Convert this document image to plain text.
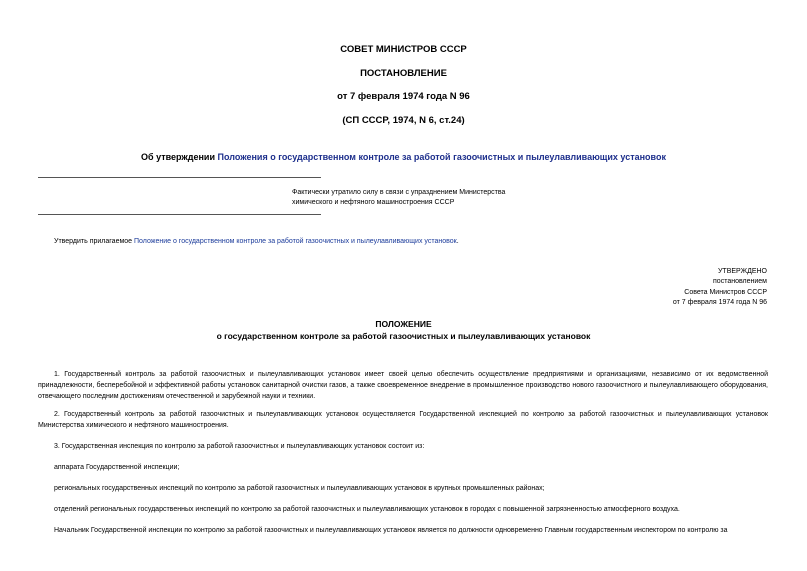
СОВЕТ МИНИСТРОВ СССР
ПОСТАНОВЛЕНИЕ
от 7 февраля 1974 года N 96
(СП СССР, 1974, N 6, ст.24)
Об утверждении Положения о государственном контроле за работой газоочистных и пылеулавливающих установок
Фактически утратило силу в связи с упразднением Министерства
химического и нефтяного машиностроения СССР
Утвердить прилагаемое Положение о государственном контроле за работой газоочистных и пылеулавливающих установок.
УТВЕРЖДЕНО
постановлением
Совета Министров СССР
от 7 февраля 1974 года N 96
ПОЛОЖЕНИЕ
о государственном контроле за работой газоочистных и пылеулавливающих установок

1. Государственный контроль за работой газоочистных и пылеулавливающих установок имеет своей целью обеспечить осуществление предприятиями и организациями, независимо от их ведомственной принадлежности, бесперебойной и эффективной работы установок санитарной очистки газов, а также своевременное внедрение в промышленное производство нового газоочистного и пылеулавливающего оборудования, отвечающего последним достижениям отечественной и зарубежной науки и техники.

2. Государственный контроль за работой газоочистных и пылеулавливающих установок осуществляется Государственной инспекцией по контролю за работой газоочистных и пылеулавливающих установок Министерства химического и нефтяного машиностроения.

3. Государственная инспекция по контролю за работой газоочистных и пылеулавливающих установок состоит из:

аппарата Государственной инспекции;

региональных государственных инспекций по контролю за работой газоочистных и пылеулавливающих установок в крупных промышленных районах;

отделений региональных государственных инспекций по контролю за работой газоочистных и пылеулавливающих установок в городах с повышенной загрязненностью атмосферного воздуха.

Начальник Государственной инспекции по контролю за работой газоочистных и пылеулавливающих установок является по должности одновременно Главным государственным инспектором по контролю за
